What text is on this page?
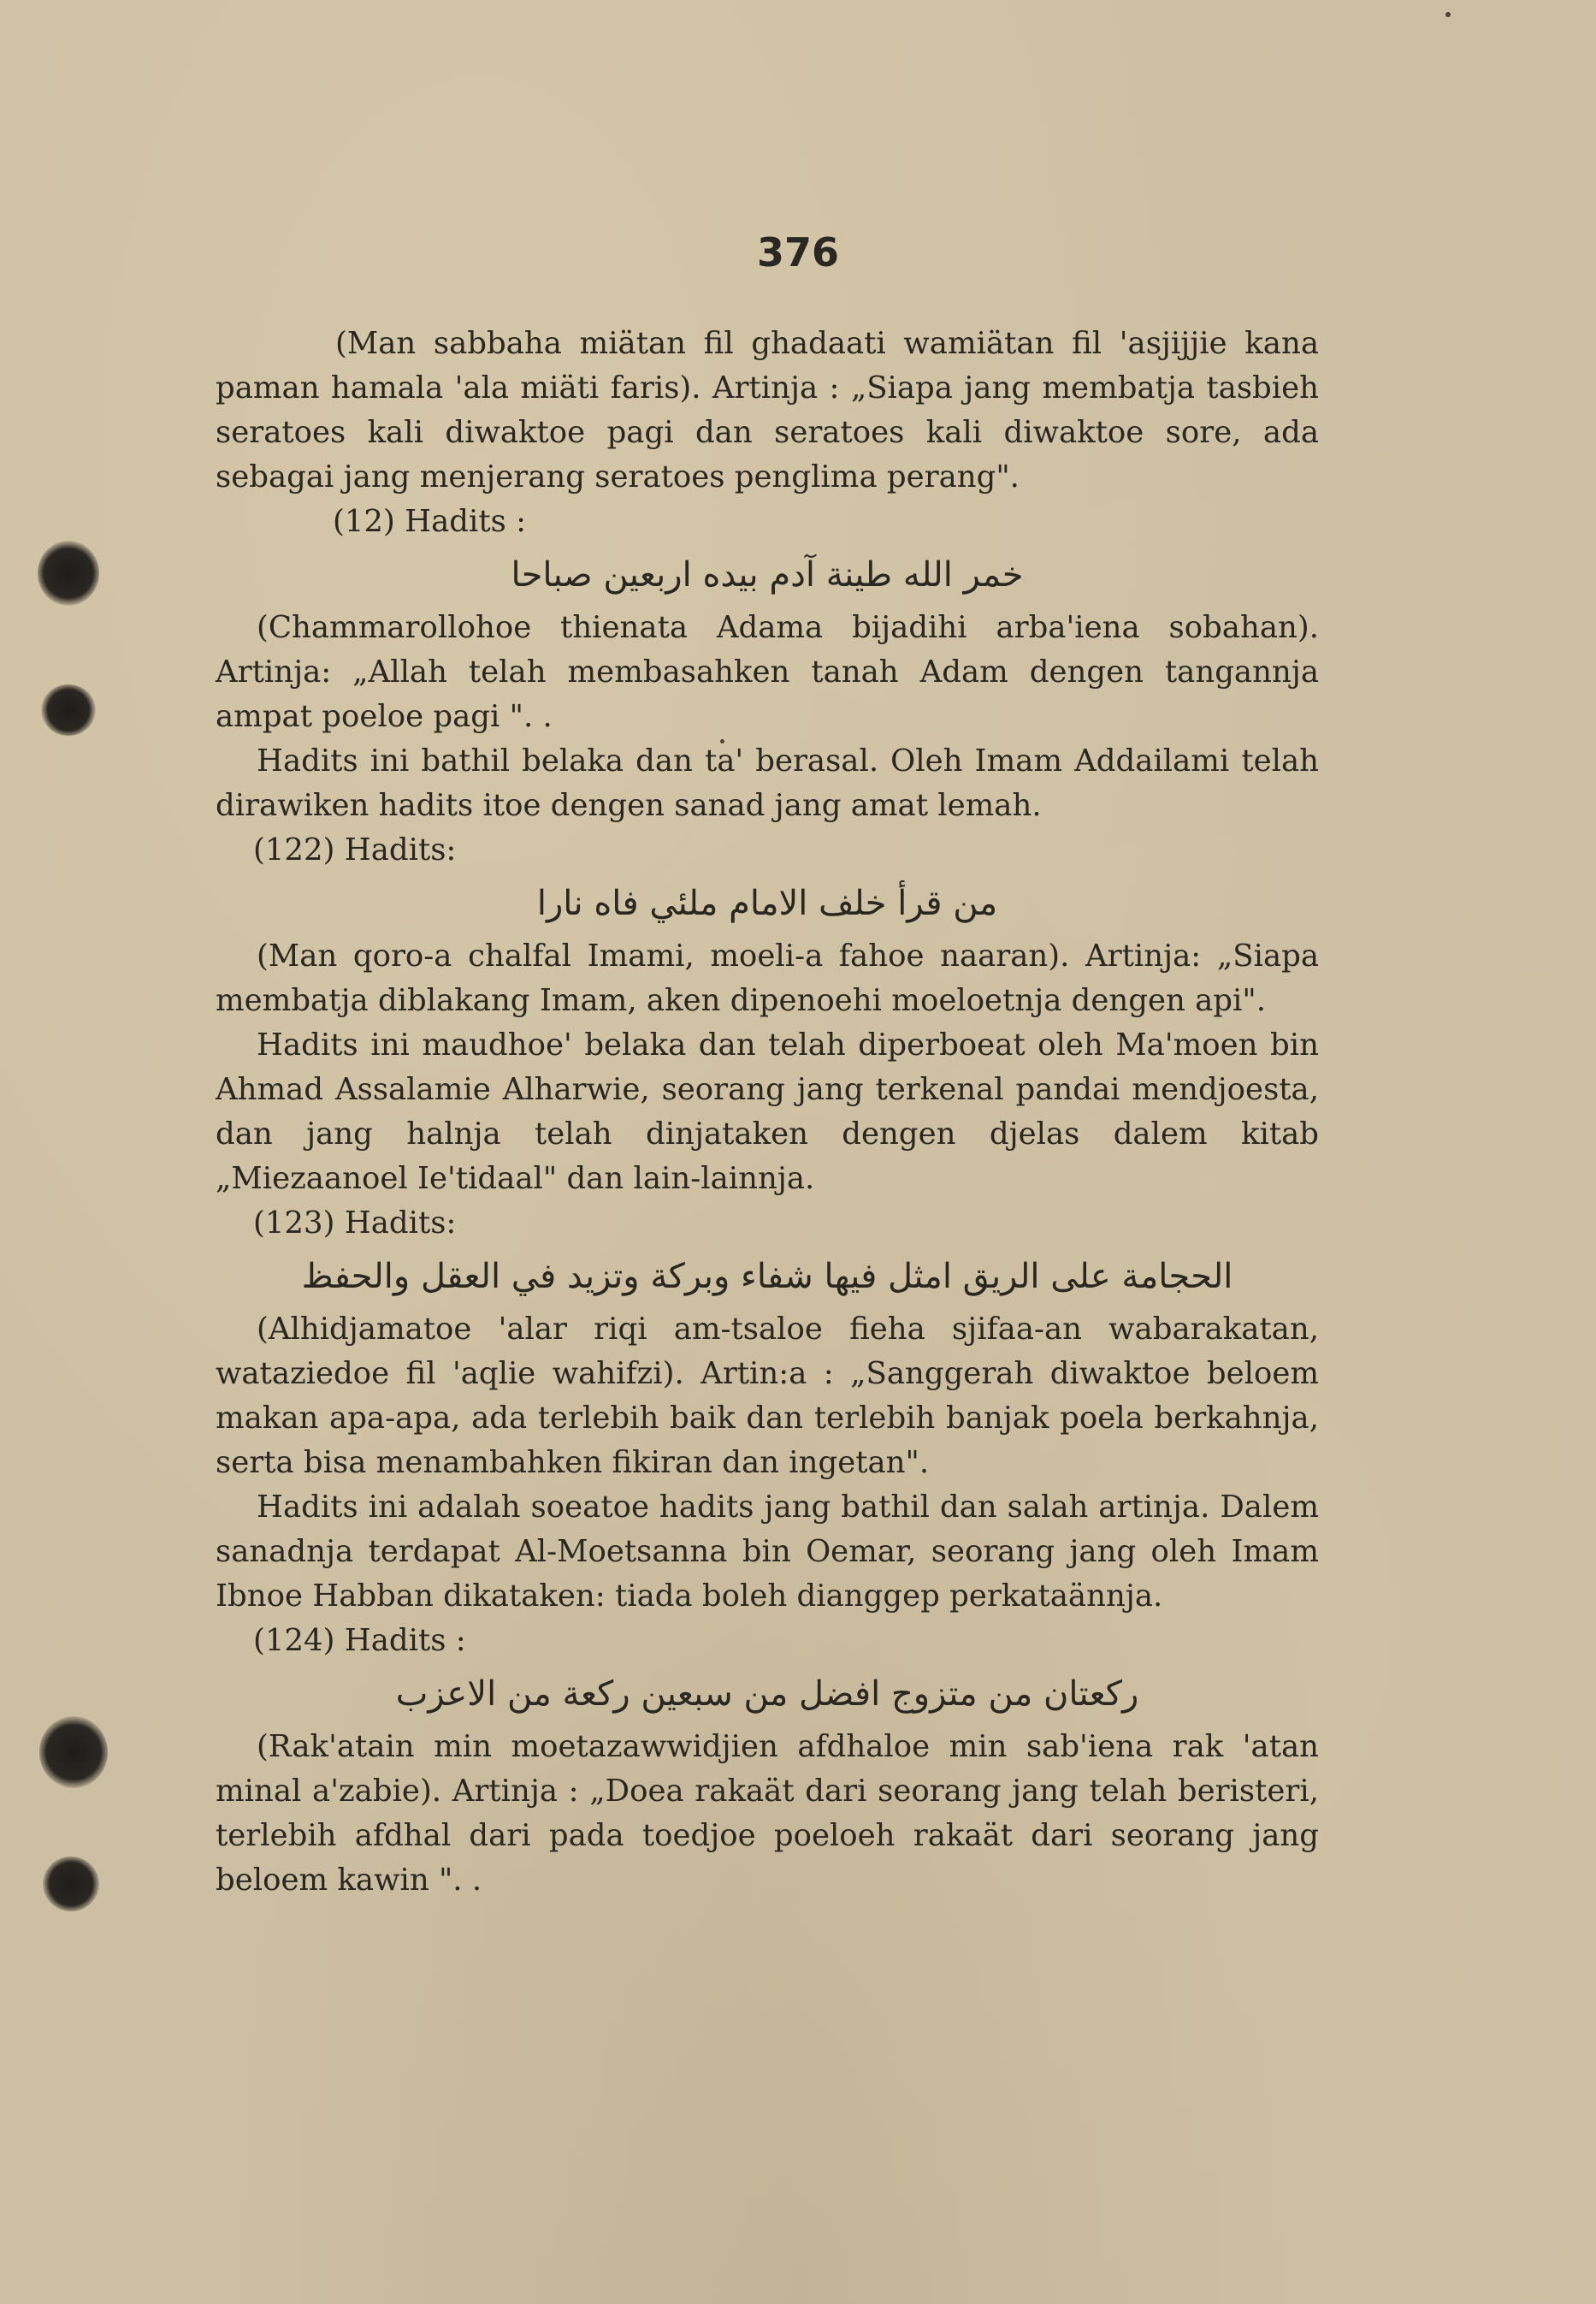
376

(Man sabbaha miätan fil ghadaati wamiätan fil 'asjijjie kana paman hamala 'ala miäti faris). Artinja : „Siapa jang membatja tasbieh seratoes kali diwaktoe pagi dan seratoes kali diwaktoe sore, ada sebagai jang menjerang seratoes penglima perang".

(12) Hadits :

خمر الله طينة آدم بيده اربعين صباحا

(Chammarollohoe thienata Adama bijadihi arba'iena sobahan). Artinja: „Allah telah membasahken tanah Adam dengen tangannja ampat poeloe pagi ". .

Hadits ini bathil belaka dan ta' berasal. Oleh Imam Addailami telah dirawiken hadits itoe dengen sanad jang amat lemah.

(122) Hadits:

من قرأ خلف الامام ملئي فاه نارا

(Man qoro-a chalfal Imami, moeli-a fahoe naaran). Artinja: „Siapa membatja diblakang Imam, aken dipenoehi moeloetnja dengen api".

Hadits ini maudhoe' belaka dan telah diperboeat oleh Ma'moen bin Ahmad Assalamie Alharwie, seorang jang terkenal pandai mendjoesta, dan jang halnja telah dinjataken dengen djelas dalem kitab „Miezaanoel Ie'tidaal" dan lain-lainnja.

(123) Hadits:

الحجامة على الريق امثل فيها شفاء وبركة وتزيد في العقل والحفظ

(Alhidjamatoe 'alar riqi am-tsaloe fieha sjifaa-an wabarakatan, wataziedoe fil 'aqlie wahifzi). Artin:a : „Sanggerah diwaktoe beloem makan apa-apa, ada terlebih baik dan terlebih banjak poela berkahnja, serta bisa menambahken fikiran dan ingetan".

Hadits ini adalah soeatoe hadits jang bathil dan salah artinja. Dalem sanadnja terdapat Al-Moetsanna bin Oemar, seorang jang oleh Imam Ibnoe Habban dikataken: tiada boleh dianggep perkataännja.

(124) Hadits :

ركعتان من متزوج افضل من سبعين ركعة من الاعزب

(Rak'atain min moetazawwidjien afdhaloe min sab'iena rak 'atan minal a'zabie). Artinja : „Doea rakaät dari seorang jang telah beristeri, terlebih afdhal dari pada toedjoe poeloeh rakaät dari seorang jang beloem kawin ". .
